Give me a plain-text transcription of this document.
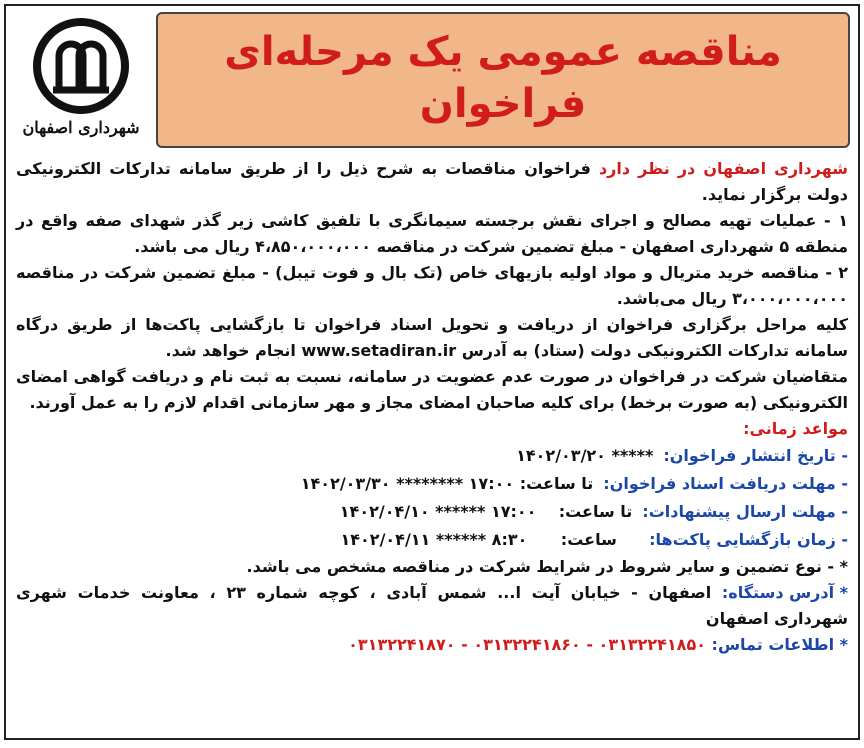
مناقصه عمومی یک مرحله‌ای
فراخوان
شهرداری اصفهان

شهرداری اصفهان در نظر دارد فراخوان مناقصات به شرح ذیل را از طریق سامانه تدارکات الکترونیکی دولت برگزار نماید.

۱ - عملیات تهیه مصالح و اجرای نقش برجسته سیمانگری با تلفیق کاشی زیر گذر شهدای صفه واقع در منطقه ۵ شهرداری اصفهان - مبلغ تضمین شرکت در مناقصه ۴،۸۵۰،۰۰۰،۰۰۰ ریال می باشد.

۲ - مناقصه خرید متریال و مواد اولیه بازیهای خاص (تک بال و فوت تیبل) - مبلغ تضمین شرکت در مناقصه ۳،۰۰۰،۰۰۰،۰۰۰ ریال می‌باشد.

کلیه مراحل برگزاری فراخوان از دریافت و تحویل اسناد فراخوان تا بازگشایی پاکت‌ها از طریق درگاه سامانه تدارکات الکترونیکی دولت (ستاد) به آدرس www.setadiran.ir انجام خواهد شد.

متقاضیان شرکت در فراخوان در صورت عدم عضویت در سامانه، نسبت به ثبت نام و دریافت گواهی امضای الکترونیکی (به صورت برخط) برای کلیه صاحبان امضای مجاز و مهر سازمانی اقدام لازم را به عمل آورند.

مواعد زمانی:

- تاریخ انتشار فراخوان:***** ۱۴۰۲/۰۳/۲۰
- مهلت دریافت اسناد فراخوان:تا ساعت: ۱۷:۰۰ ******** ۱۴۰۲/۰۳/۳۰
- مهلت ارسال پیشنهادات:تا ساعت:    ۱۷:۰۰ ****** ۱۴۰۲/۰۴/۱۰
- زمان بازگشایی پاکت‌ها:    ساعت:      ۸:۳۰ ****** ۱۴۰۲/۰۴/۱۱

* - نوع تضمین و سایر شروط در شرایط شرکت در مناقصه مشخص می باشد.

* آدرس دستگاه: اصفهان - خیابان آیت ا... شمس آبادی ، کوچه شماره ۲۳ ، معاونت خدمات شهری شهرداری اصفهان

* اطلاعات تماس: ۰۳۱۳۲۲۴۱۸۵۰ - ۰۳۱۳۲۲۴۱۸۶۰ - ۰۳۱۳۲۲۴۱۸۷۰
